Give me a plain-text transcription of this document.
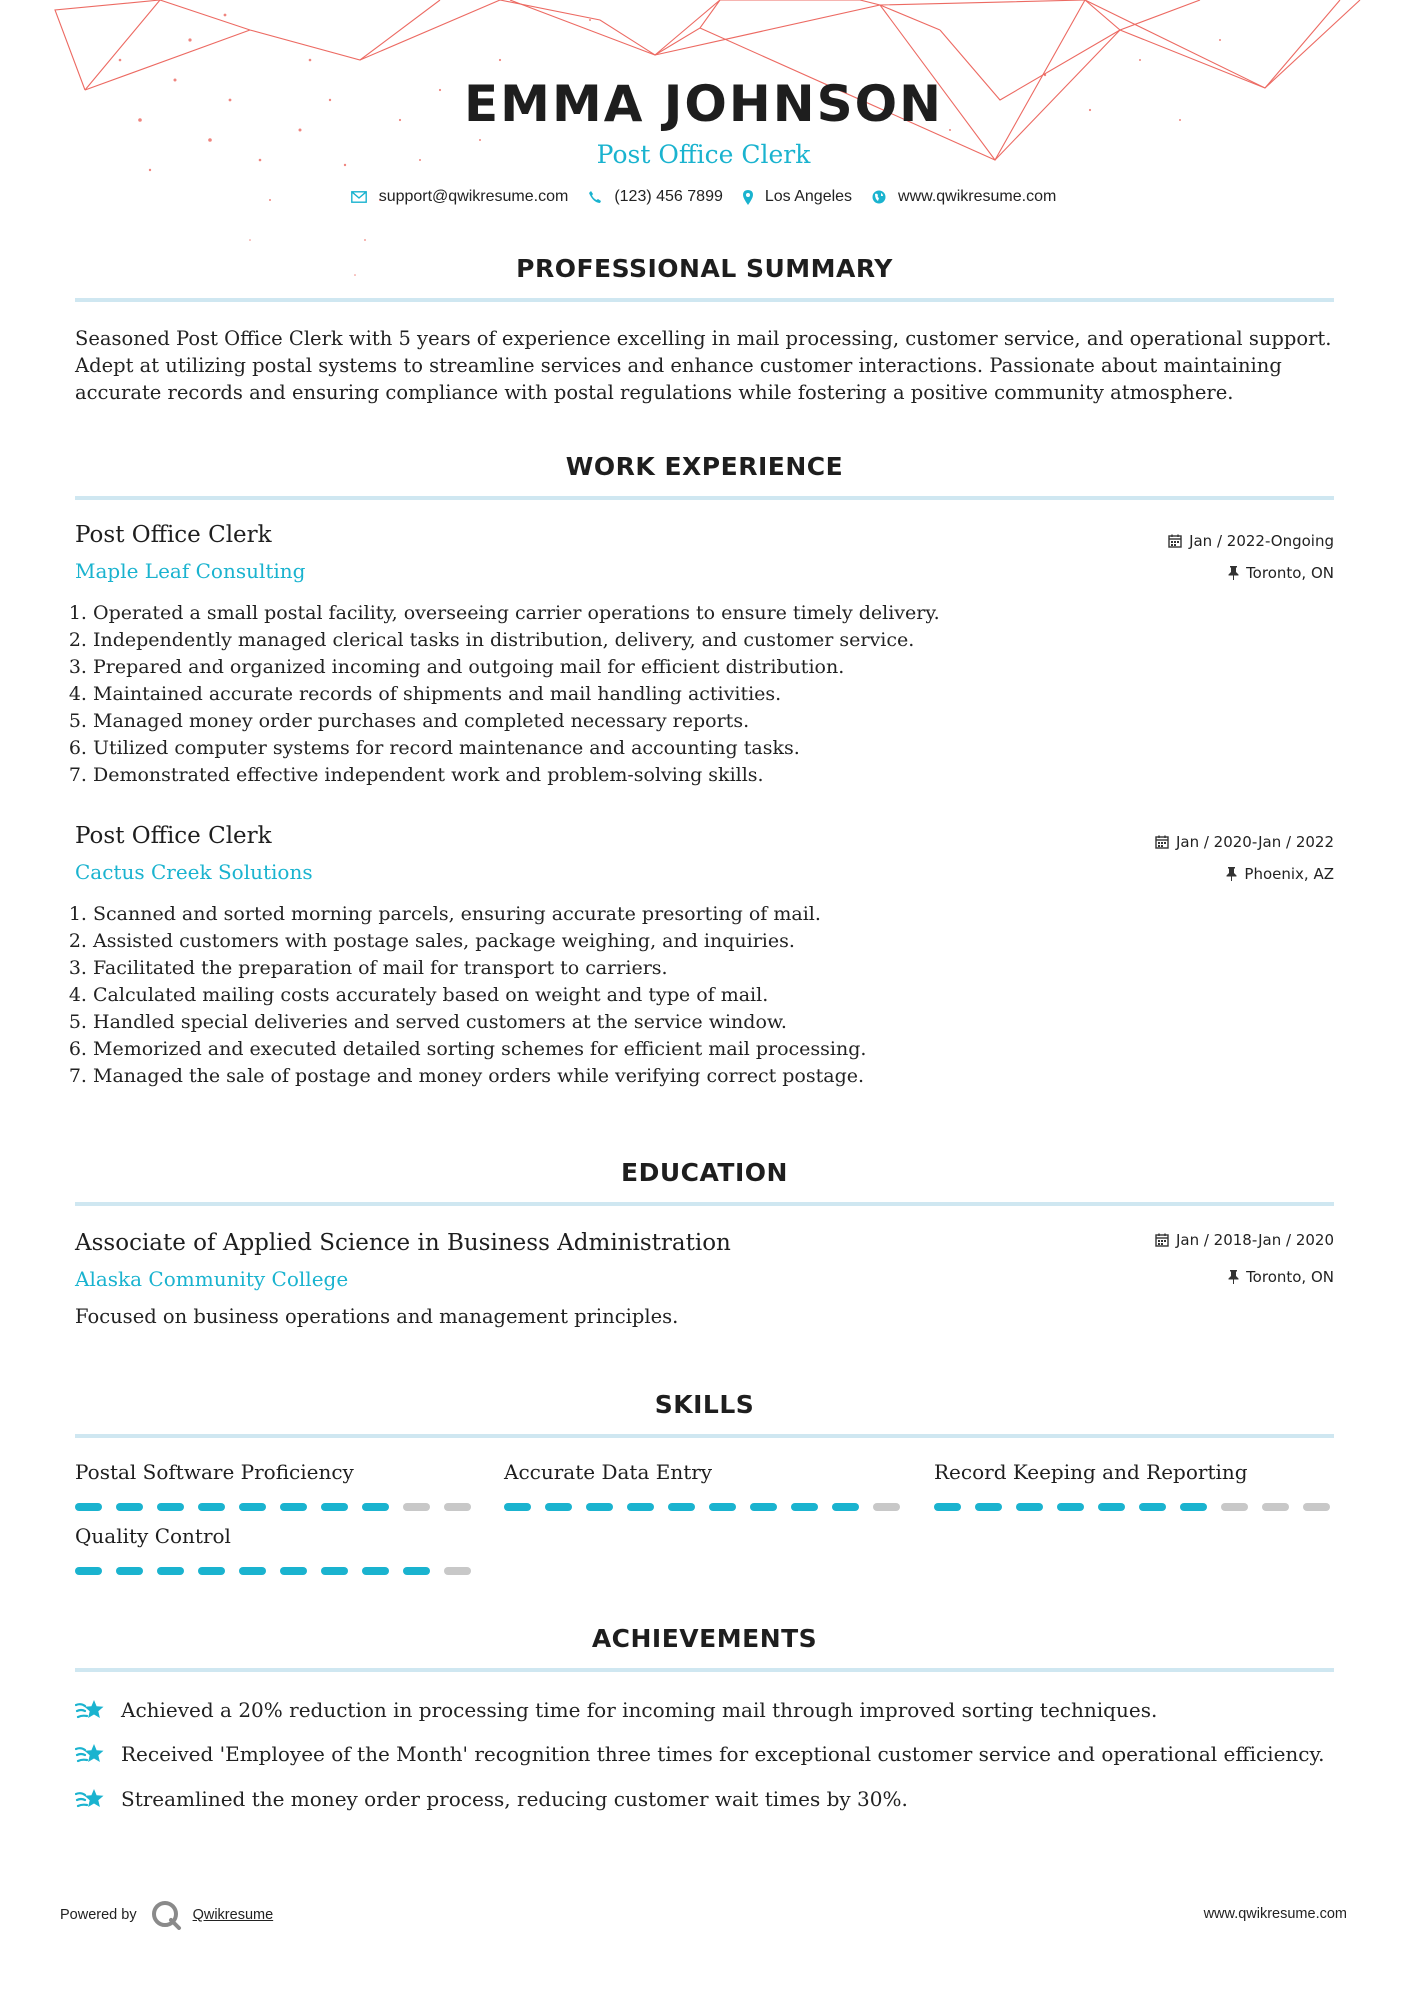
EMMA JOHNSON
Post Office Clerk
support@qwikresume.com	(123) 456 7899	Los Angeles	www.qwikresume.com
PROFESSIONAL SUMMARY
Seasoned Post Office Clerk with 5 years of experience excelling in mail processing, customer service, and operational support. Adept at utilizing postal systems to streamline services and enhance customer interactions. Passionate about maintaining accurate records and ensuring compliance with postal regulations while fostering a positive community atmosphere.
WORK EXPERIENCE
Post Office Clerk
Maple Leaf Consulting
Jan / 2022-Ongoing
Toronto, ON
1. Operated a small postal facility, overseeing carrier operations to ensure timely delivery.
2. Independently managed clerical tasks in distribution, delivery, and customer service.
3. Prepared and organized incoming and outgoing mail for efficient distribution.
4. Maintained accurate records of shipments and mail handling activities.
5. Managed money order purchases and completed necessary reports.
6. Utilized computer systems for record maintenance and accounting tasks.
7. Demonstrated effective independent work and problem-solving skills.
Post Office Clerk
Cactus Creek Solutions
Jan / 2020-Jan / 2022
Phoenix, AZ
1. Scanned and sorted morning parcels, ensuring accurate presorting of mail.
2. Assisted customers with postage sales, package weighing, and inquiries.
3. Facilitated the preparation of mail for transport to carriers.
4. Calculated mailing costs accurately based on weight and type of mail.
5. Handled special deliveries and served customers at the service window.
6. Memorized and executed detailed sorting schemes for efficient mail processing.
7. Managed the sale of postage and money orders while verifying correct postage.
EDUCATION
Associate of Applied Science in Business Administration
Alaska Community College
Jan / 2018-Jan / 2020
Toronto, ON
Focused on business operations and management principles.
SKILLS
Postal Software Proficiency	Accurate Data Entry	Record Keeping and Reporting
Quality Control
ACHIEVEMENTS
Achieved a 20% reduction in processing time for incoming mail through improved sorting techniques.
Received 'Employee of the Month' recognition three times for exceptional customer service and operational efficiency.
Streamlined the money order process, reducing customer wait times by 30%.
Powered by	Qwikresume	www.qwikresume.com
